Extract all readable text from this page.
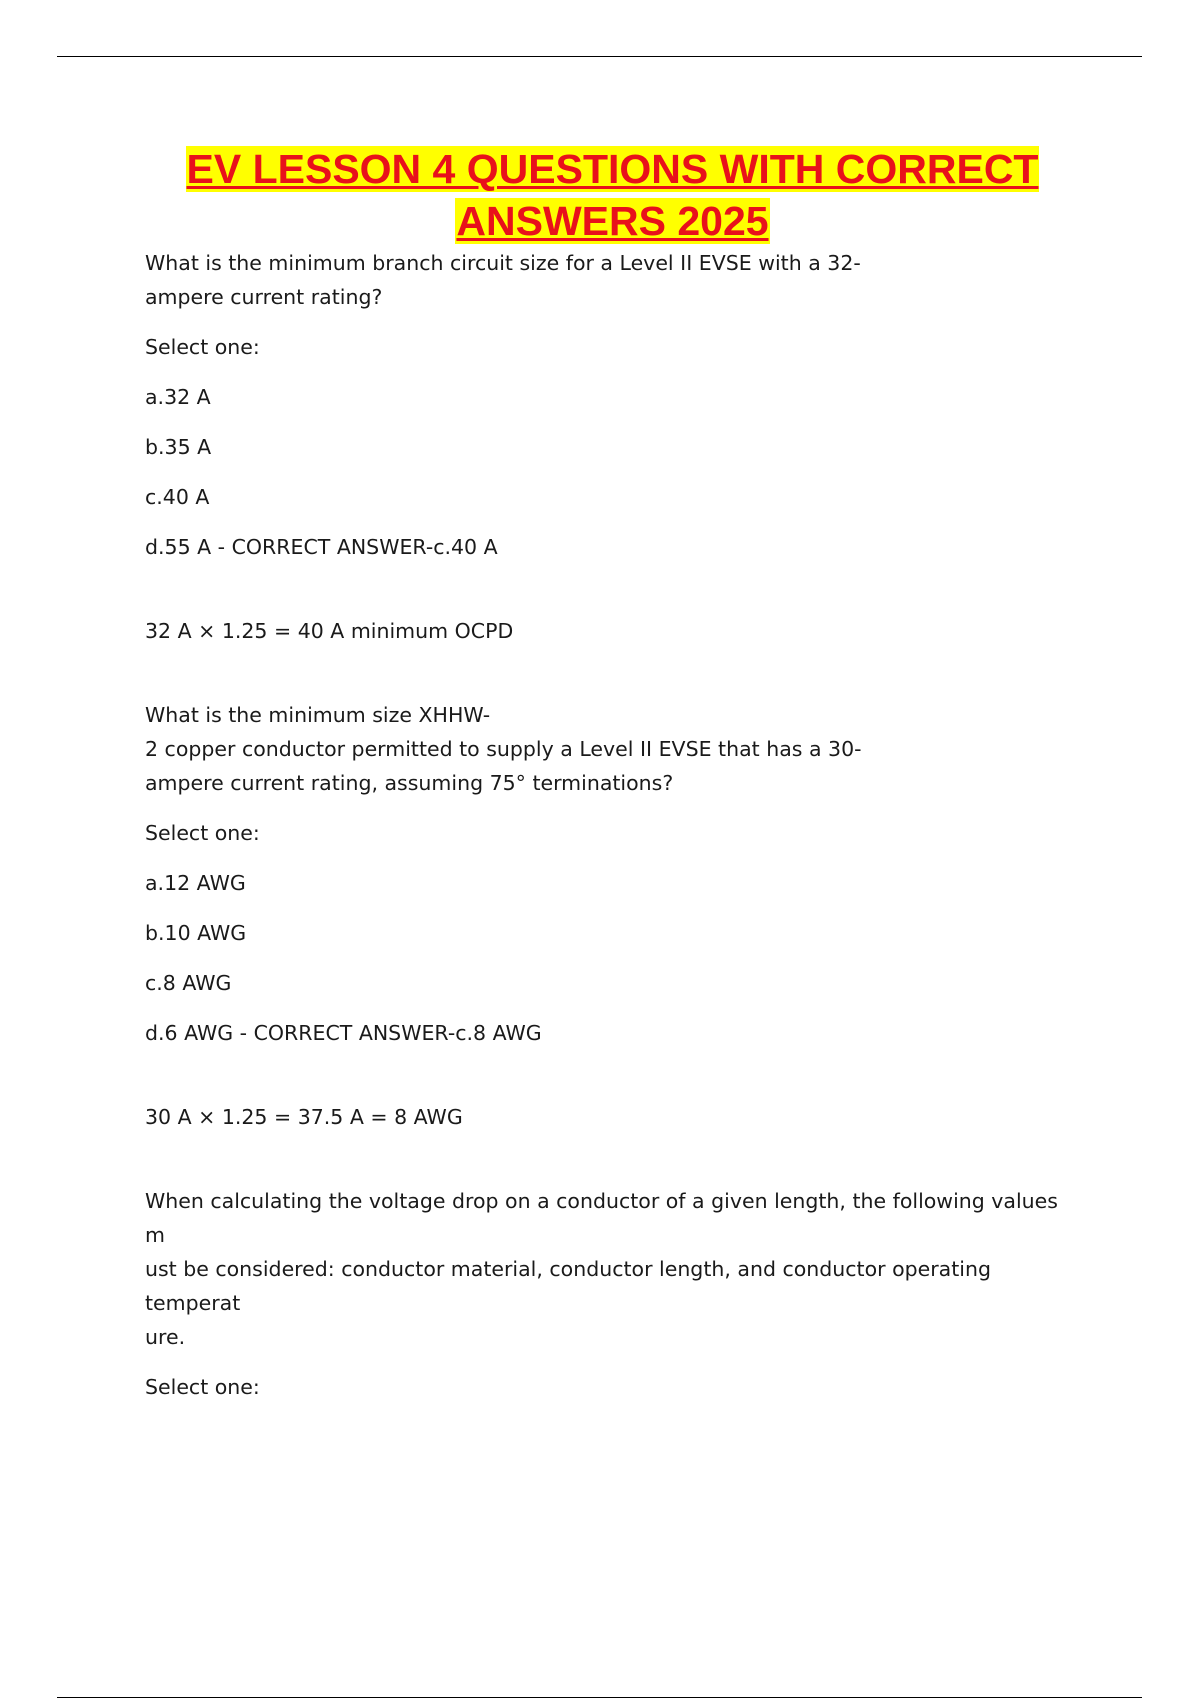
EV LESSON 4 QUESTIONS WITH CORRECT
ANSWERS 2025

What is the minimum branch circuit size for a Level II EVSE with a 32-

ampere current rating?

Select one:

a.32 A

b.35 A

c.40 A

d.55 A - CORRECT ANSWER-c.40 A

32 A × 1.25 = 40 A minimum OCPD

What is the minimum size XHHW-

2 copper conductor permitted to supply a Level II EVSE that has a 30-

ampere current rating, assuming 75° terminations?

Select one:

a.12 AWG

b.10 AWG

c.8 AWG

d.6 AWG - CORRECT ANSWER-c.8 AWG

30 A × 1.25 = 37.5 A = 8 AWG

When calculating the voltage drop on a conductor of a given length, the following values m

ust be considered: conductor material, conductor length, and conductor operating temperat

ure.

Select one:
